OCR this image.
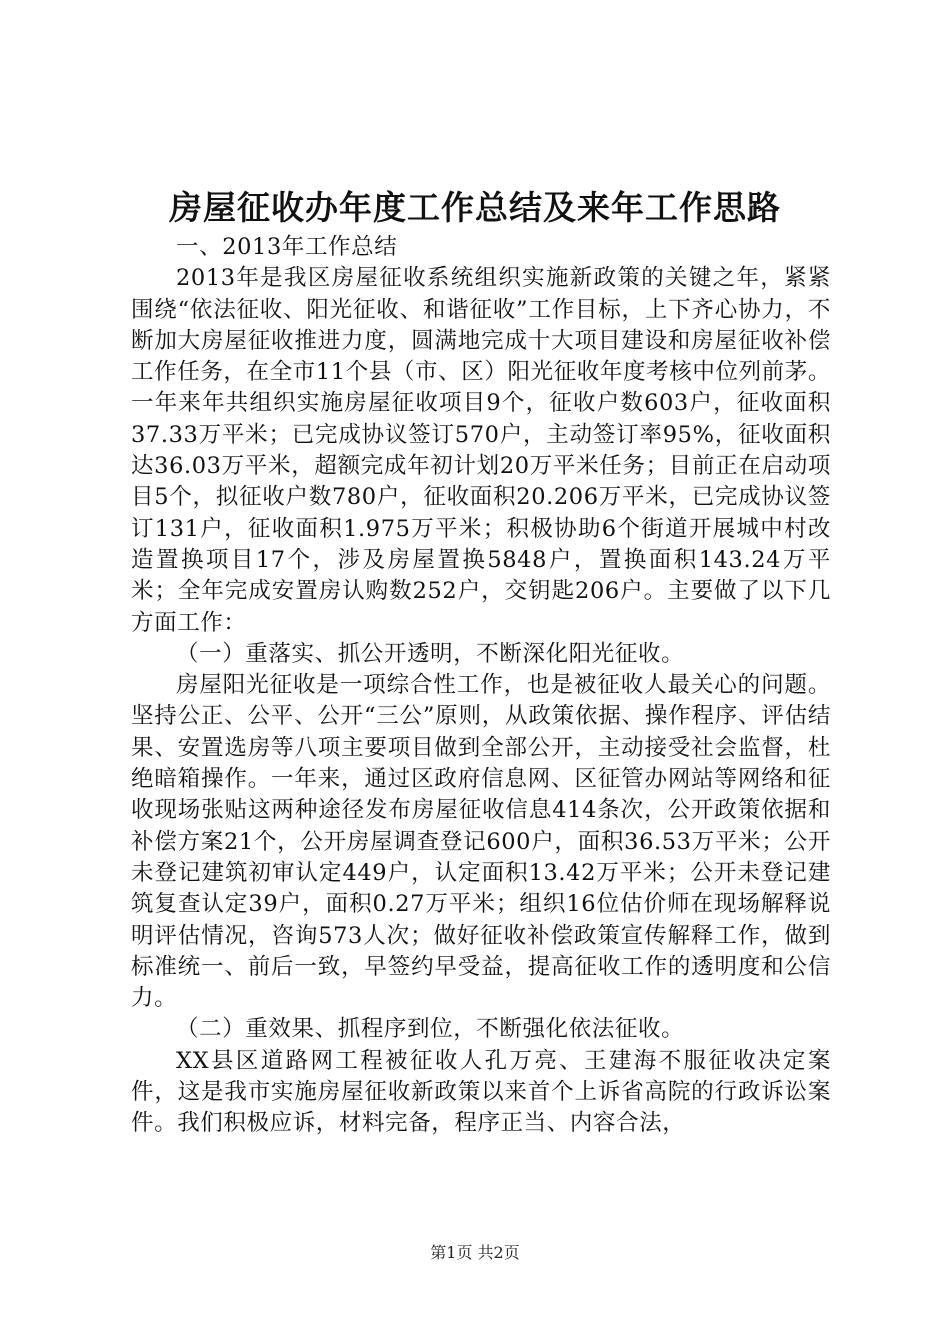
房屋征收办年度工作总结及来年工作思路

一、2013年工作总结

2013年是我区房屋征收系统组织实施新政策的关键之年，紧紧围绕“依法征收、阳光征收、和谐征收”工作目标，上下齐心协力，不断加大房屋征收推进力度，圆满地完成十大项目建设和房屋征收补偿工作任务，在全市11个县（市、区）阳光征收年度考核中位列前茅。一年来年共组织实施房屋征收项目9个，征收户数603户，征收面积37.33万平米；已完成协议签订570户，主动签订率95%，征收面积达36.03万平米，超额完成年初计划20万平米任务；目前正在启动项目5个，拟征收户数780户，征收面积20.206万平米，已完成协议签订131户，征收面积1.975万平米；积极协助6个街道开展城中村改造置换项目17个，涉及房屋置换5848户，置换面积143.24万平米；全年完成安置房认购数252户，交钥匙206户。主要做了以下几方面工作：

（一）重落实、抓公开透明，不断深化阳光征收。

房屋阳光征收是一项综合性工作，也是被征收人最关心的问题。坚持公正、公平、公开“三公”原则，从政策依据、操作程序、评估结果、安置选房等八项主要项目做到全部公开，主动接受社会监督，杜绝暗箱操作。一年来，通过区政府信息网、区征管办网站等网络和征收现场张贴这两种途径发布房屋征收信息414条次，公开政策依据和补偿方案21个，公开房屋调查登记600户，面积36.53万平米；公开未登记建筑初审认定449户，认定面积13.42万平米；公开未登记建筑复查认定39户，面积0.27万平米；组织16位估价师在现场解释说明评估情况，咨询573人次；做好征收补偿政策宣传解释工作，做到标准统一、前后一致，早签约早受益，提高征收工作的透明度和公信力。

（二）重效果、抓程序到位，不断强化依法征收。

XX县区道路网工程被征收人孔万亮、王建海不服征收决定案件，这是我市实施房屋征收新政策以来首个上诉省高院的行政诉讼案件。我们积极应诉，材料完备，程序正当、内容合法，

第1页 共2页
